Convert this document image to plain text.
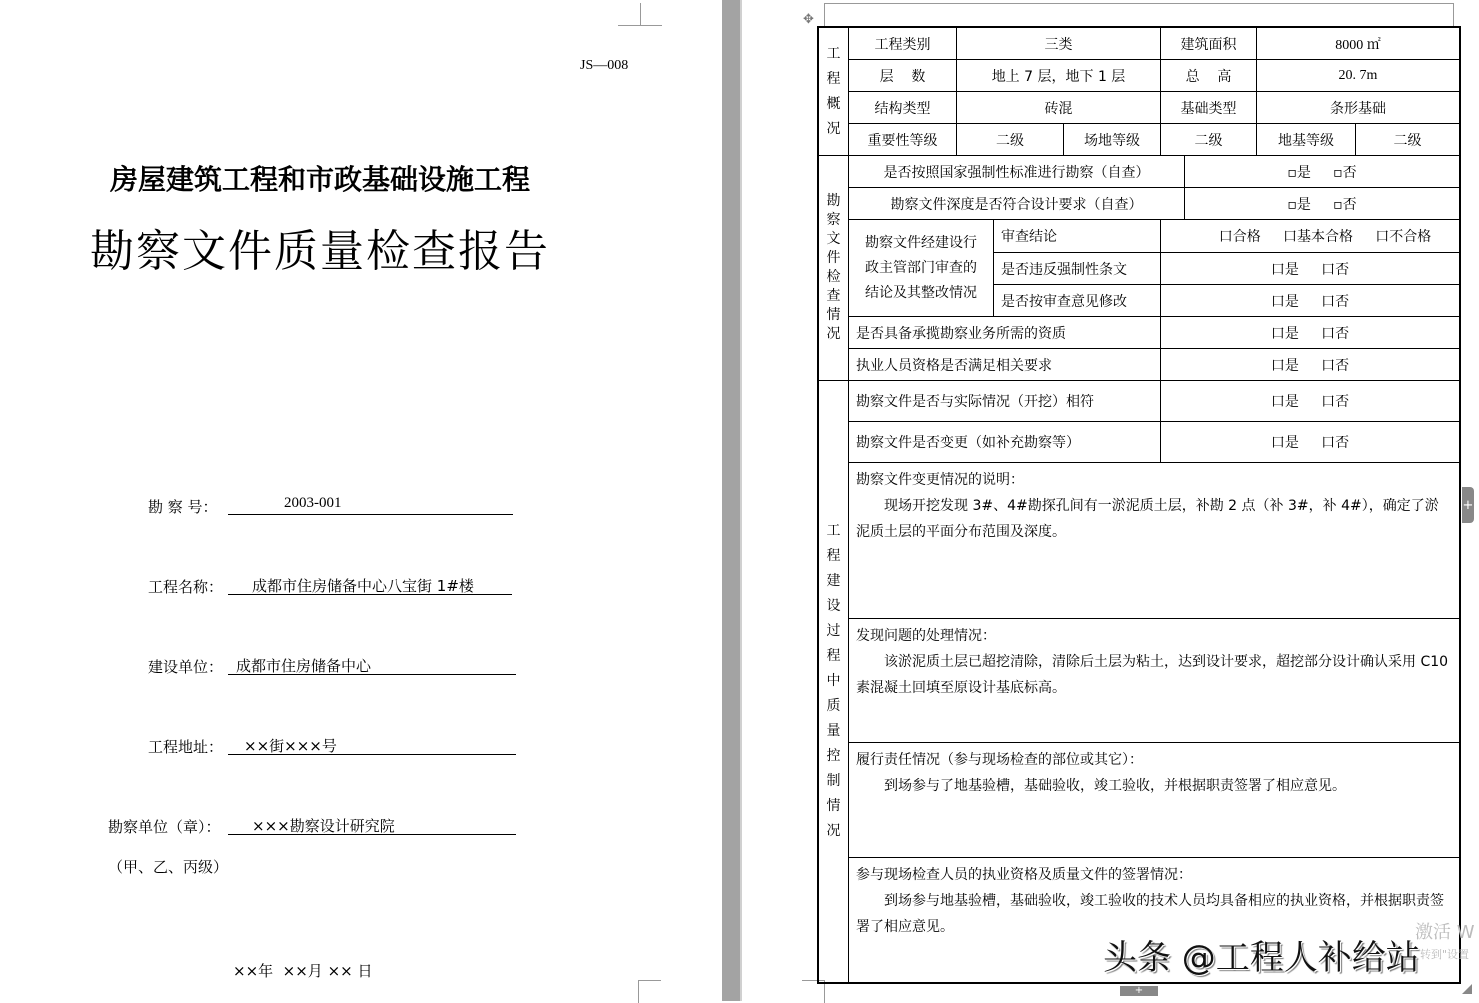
JS—008
房屋建筑工程和市政基础设施工程
勘察文件质量检查报告
勘 察 号：	2003-001
工程名称：	成都市住房储备中心八宝街 1#楼
建设单位： 成都市住房储备中心
工程地址：	××街×××号
勘察单位（章）：	×××勘察设计研究院
（甲、乙、丙级）
××年  ××月 ×× 日
✥
工
程
概
况
工程类别	三类	建筑面积	8000 ㎡
层    数	地上 7 层，地下 1 层	总    高	20. 7m
结构类型	砖混	基础类型	条形基础
重要性等级	二级	场地等级	二级	地基等级	二级
勘
察
文
件
检
查
情
况
是否按照国家强制性标准进行勘察（自查）	▫是     ▫否
勘察文件深度是否符合设计要求（自查）	▫是     ▫否
勘察文件经建设行政主管部门审查的结论及其整改情况
审查结论	口合格     口基本合格     口不合格
是否违反强制性条文	口是     口否
是否按审查意见修改	口是     口否
是否具备承揽勘察业务所需的资质	口是     口否
执业人员资格是否满足相关要求	口是     口否
工
程
建
设
过
程
中
质
量
控
制
情
况
勘察文件是否与实际情况（开挖）相符	口是     口否
勘察文件是否变更（如补充勘察等）	口是     口否
勘察文件变更情况的说明：

现场开挖发现 3#、4#勘探孔间有一淤泥质土层，补勘 2 点（补 3#，补 4#），确定了淤泥质土层的平面分布范围及深度。

发现问题的处理情况：

该淤泥质土层已超挖清除，清除后土层为粘土，达到设计要求，超挖部分设计确认采用 C10 素混凝土回填至原设计基底标高。

履行责任情况（参与现场检查的部位或其它）：

到场参与了地基验槽，基础验收，竣工验收，并根据职责签署了相应意见。

参与现场检查人员的执业资格及质量文件的签署情况：

到场参与地基验槽，基础验收，竣工验收的技术人员均具备相应的执业资格，并根据职责签署了相应意见。	激活 W
转到"设置
头条 @工程人补给站
+
+
